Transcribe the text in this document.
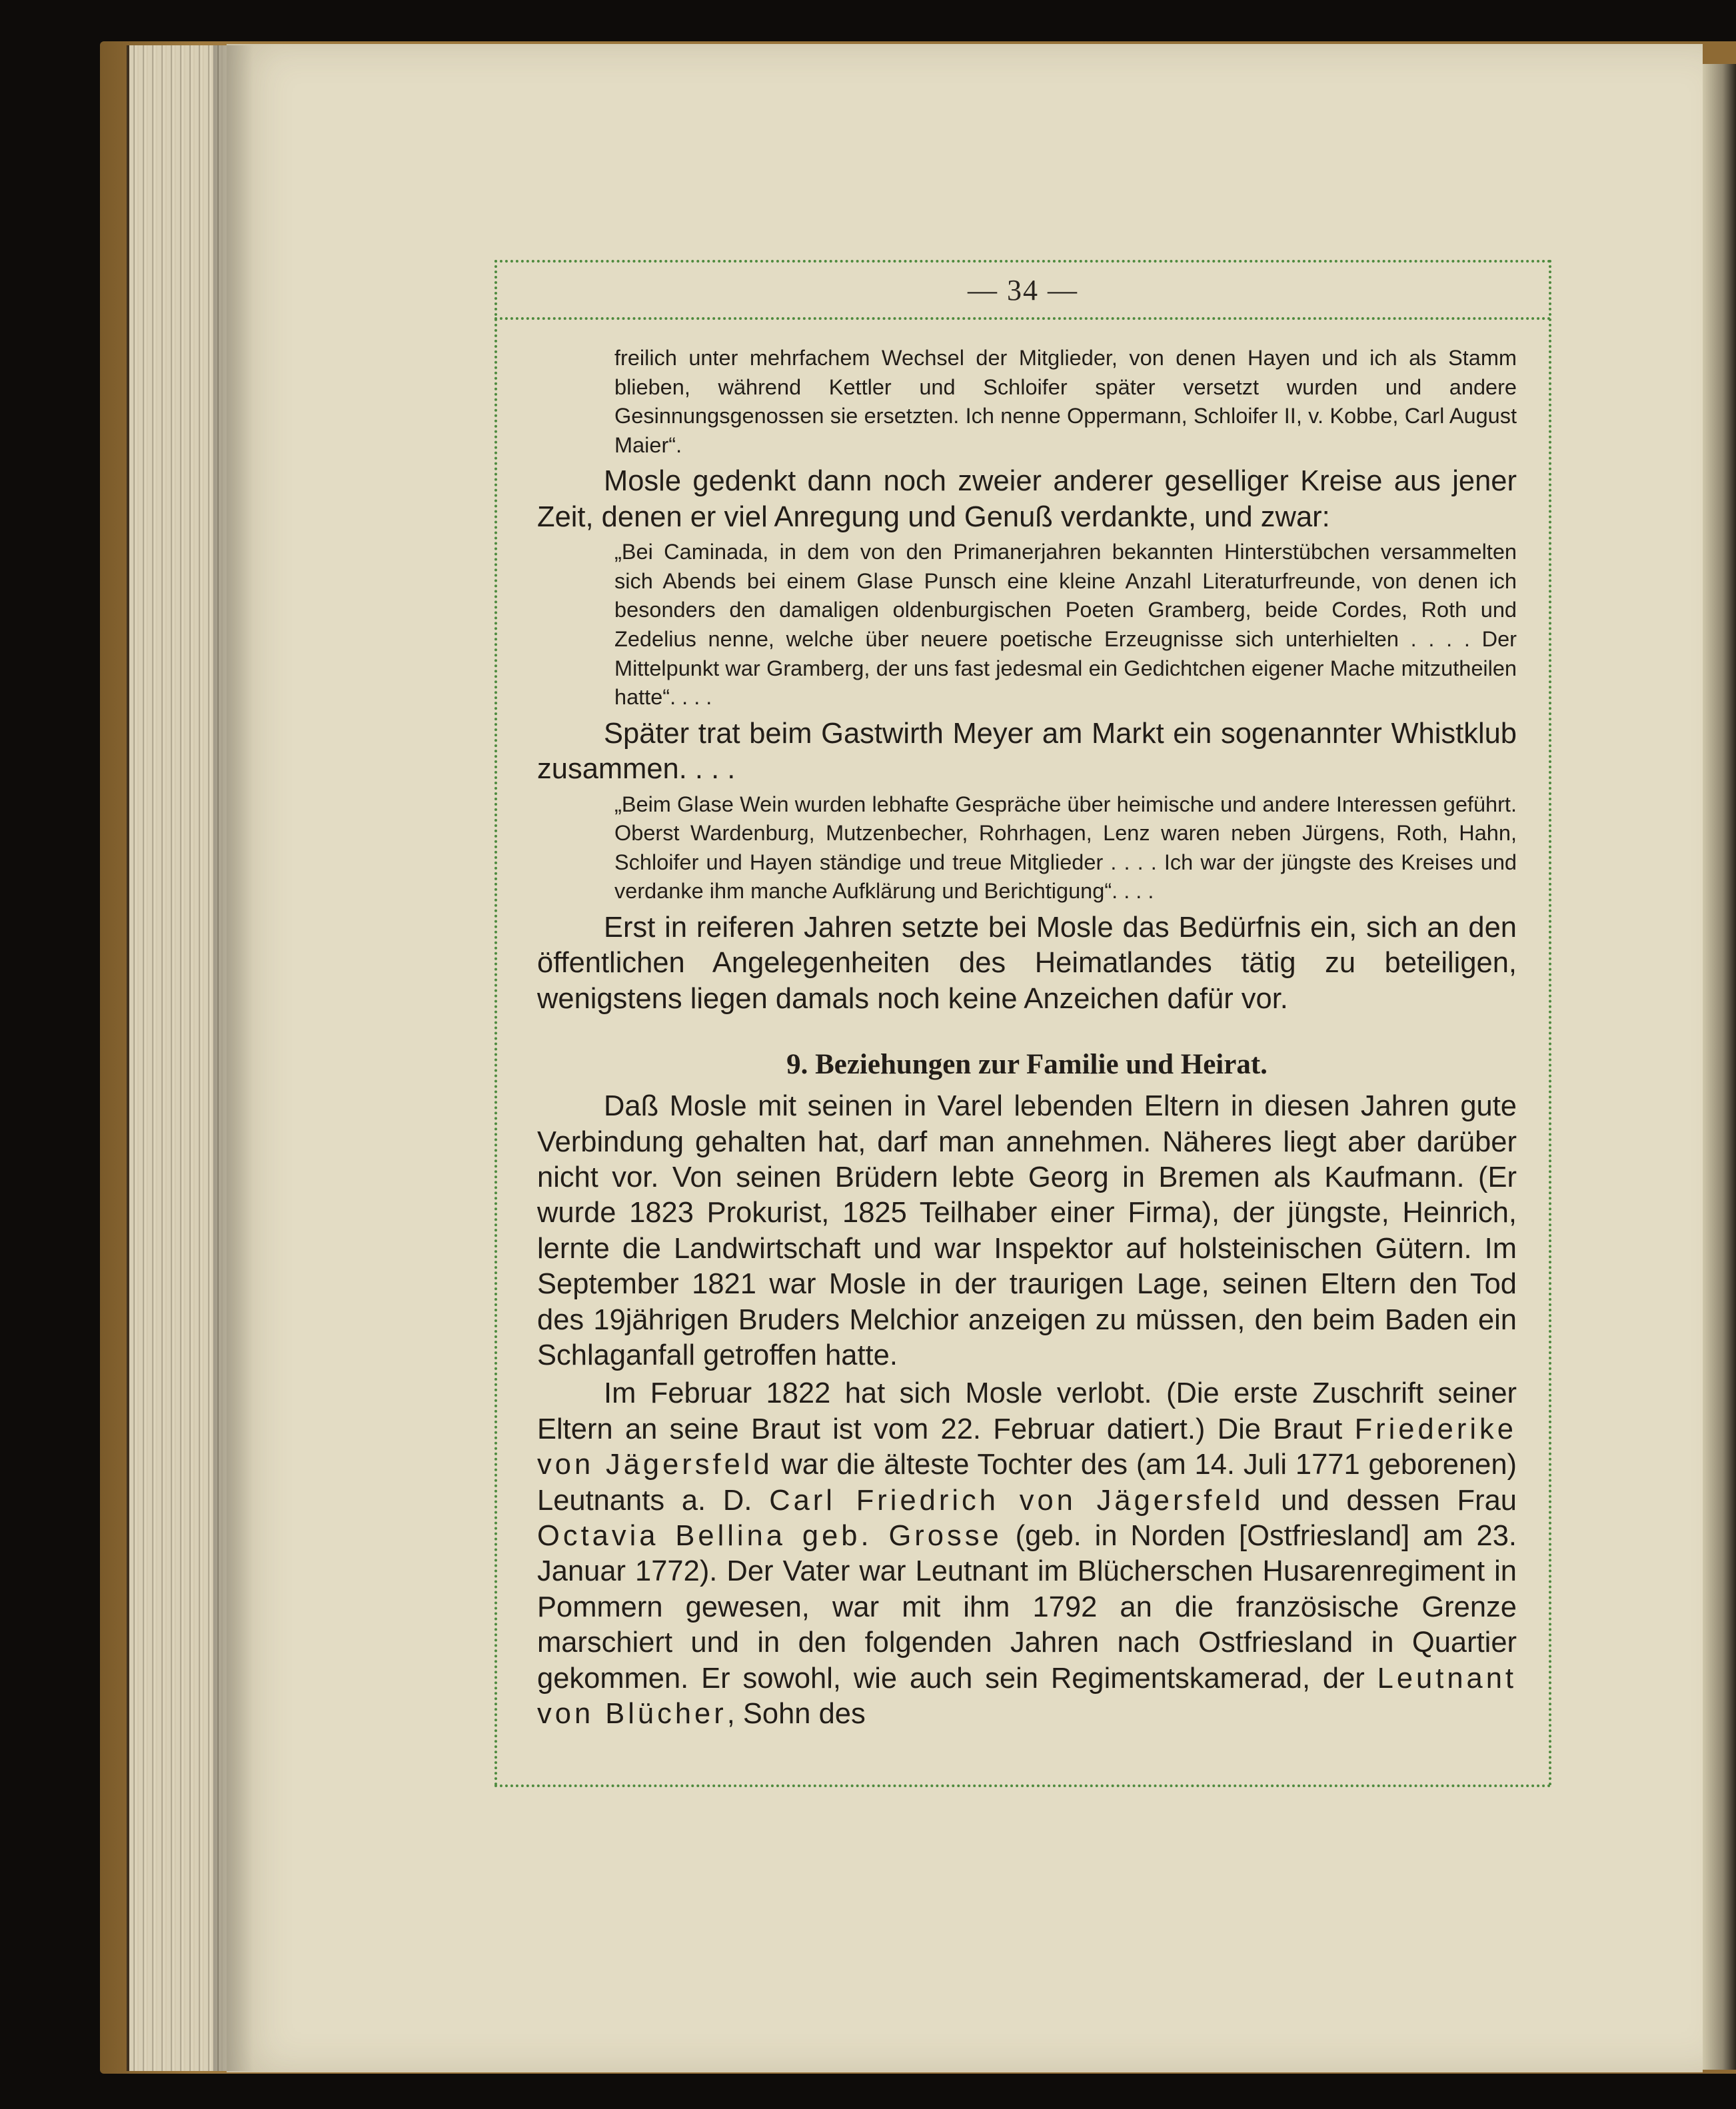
— 34 —

freilich unter mehrfachem Wechsel der Mitglieder, von denen Hayen und ich als Stamm blieben, während Kettler und Schloifer später versetzt wurden und andere Gesinnungsgenossen sie ersetzten. Ich nenne Oppermann, Schloifer II, v. Kobbe, Carl August Maier“.

Mosle gedenkt dann noch zweier anderer geselliger Kreise aus jener Zeit, denen er viel Anregung und Genuß verdankte, und zwar:

„Bei Caminada, in dem von den Primanerjahren bekannten Hinterstübchen versammelten sich Abends bei einem Glase Punsch eine kleine Anzahl Literaturfreunde, von denen ich besonders den damaligen oldenburgischen Poeten Gramberg, beide Cordes, Roth und Zedelius nenne, welche über neuere poetische Erzeugnisse sich unterhielten . . . . Der Mittelpunkt war Gramberg, der uns fast jedesmal ein Gedichtchen eigener Mache mitzutheilen hatte“. . . .

Später trat beim Gastwirth Meyer am Markt ein sogenannter Whistklub zusammen. . . .

„Beim Glase Wein wurden lebhafte Gespräche über heimische und andere Interessen geführt. Oberst Wardenburg, Mutzenbecher, Rohrhagen, Lenz waren neben Jürgens, Roth, Hahn, Schloifer und Hayen ständige und treue Mitglieder . . . . Ich war der jüngste des Kreises und verdanke ihm manche Aufklärung und Berichtigung“. . . .

Erst in reiferen Jahren setzte bei Mosle das Bedürfnis ein, sich an den öffentlichen Angelegenheiten des Heimatlandes tätig zu beteiligen, wenigstens liegen damals noch keine Anzeichen dafür vor.

9. Beziehungen zur Familie und Heirat.

Daß Mosle mit seinen in Varel lebenden Eltern in diesen Jahren gute Verbindung gehalten hat, darf man annehmen. Näheres liegt aber darüber nicht vor. Von seinen Brüdern lebte Georg in Bremen als Kaufmann. (Er wurde 1823 Prokurist, 1825 Teilhaber einer Firma), der jüngste, Heinrich, lernte die Landwirtschaft und war Inspektor auf holsteinischen Gütern. Im September 1821 war Mosle in der traurigen Lage, seinen Eltern den Tod des 19jährigen Bruders Melchior anzeigen zu müssen, den beim Baden ein Schlaganfall getroffen hatte.

Im Februar 1822 hat sich Mosle verlobt. (Die erste Zuschrift seiner Eltern an seine Braut ist vom 22. Februar datiert.) Die Braut Friederike von Jägersfeld war die älteste Tochter des (am 14. Juli 1771 geborenen) Leutnants a. D. Carl Friedrich von Jägersfeld und dessen Frau Octavia Bellina geb. Grosse (geb. in Norden [Ostfriesland] am 23. Januar 1772). Der Vater war Leutnant im Blücherschen Husarenregiment in Pommern gewesen, war mit ihm 1792 an die französische Grenze marschiert und in den folgenden Jahren nach Ostfriesland in Quartier gekommen. Er sowohl, wie auch sein Regimentskamerad, der Leutnant von Blücher, Sohn des
